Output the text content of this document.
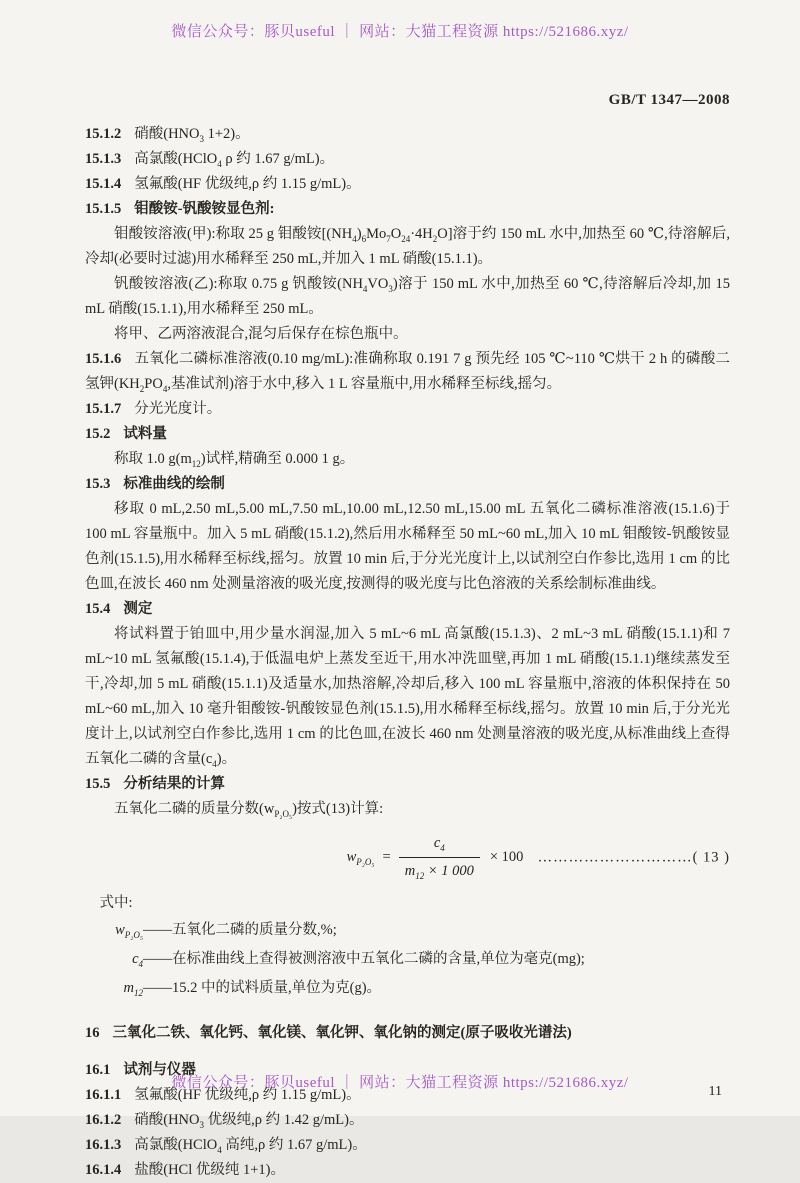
微信公众号：豚贝useful ｜ 网站：大猫工程资源 https://521686.xyz/
GB/T 1347—2008
15.1.2 硝酸($HNO_3$ 1+2)。
15.1.3 高氯酸(HClO$_4$ ρ 约 1.67 g/mL)。
15.1.4 氢氟酸(HF 优级纯,ρ 约 1.15 g/mL)。
15.1.5 钼酸铵-钒酸铵显色剂:
钼酸铵溶液(甲):称取 25 g 钼酸铵$[(NH_4)_6Mo_7O_{24}\cdot 4H_2O]$溶于约 150 mL 水中,加热至 60 ℃,待溶解后,冷却(必要时过滤)用水稀释至 250 mL,并加入 1 mL 硝酸(15.1.1)。
钒酸铵溶液(乙):称取 0.75 g 钒酸铵$(NH_4VO_3)$溶于 150 mL 水中,加热至 60 ℃,待溶解后冷却,加 15 mL 硝酸(15.1.1),用水稀释至 250 mL。
将甲、乙两溶液混合,混匀后保存在棕色瓶中。
15.1.6 五氧化二磷标准溶液(0.10 mg/mL):准确称取 0.191 7 g 预先经 105 ℃~110 ℃烘干 2 h 的磷酸二氢钾($KH_2PO_4$,基准试剂)溶于水中,移入 1 L 容量瓶中,用水稀释至标线,摇匀。
15.1.7 分光光度计。
15.2 试料量
称取 1.0 $g(m_{12})$试样,精确至 0.000 1 g。
15.3 标准曲线的绘制
移取 0 mL,2.50 mL,5.00 mL,7.50 mL,10.00 mL,12.50 mL,15.00 mL 五氧化二磷标准溶液(15.1.6)于 100 mL 容量瓶中。加入 5 mL 硝酸(15.1.2),然后用水稀释至 50 mL~60 mL,加入 10 mL 钼酸铵-钒酸铵显色剂(15.1.5),用水稀释至标线,摇匀。放置 10 min 后,于分光光度计上,以试剂空白作参比,选用 1 cm 的比色皿,在波长 460 nm 处测量溶液的吸光度,按测得的吸光度与比色溶液的关系绘制标准曲线。
15.4 测定
将试料置于铂皿中,用少量水润湿,加入 5 mL~6 mL 高氯酸(15.1.3)、2 mL~3 mL 硝酸(15.1.1)和 7 mL~10 mL 氢氟酸(15.1.4),于低温电炉上蒸发至近干,用水冲洗皿壁,再加 1 mL 硝酸(15.1.1)继续蒸发至干,冷却,加 5 mL 硝酸(15.1.1)及适量水,加热溶解,冷却后,移入 100 mL 容量瓶中,溶液的体积保持在 50 mL~60 mL,加入 10 毫升钼酸铵-钒酸铵显色剂(15.1.5),用水稀释至标线,摇匀。放置 10 min 后,于分光光度计上,以试剂空白作参比,选用 1 cm 的比色皿,在波长 460 nm 处测量溶液的吸光度,从标准曲线上查得五氧化二磷的含量$(c_4)$。
15.5 分析结果的计算
五氧化二磷的质量分数$(w_{P_2O_5})$按式(13)计算:
$w_{P_2O_5} = \frac{c_4}{m_{12} \times 1 000} \times 100$ …………………………( 13 )
式中:
$w_{P_2O_5}——$五氧化二磷的质量分数,%;
$c_4——$在标准曲线上查得被测溶液中五氧化二磷的含量,单位为毫克(mg);
$m_{12}——15.2$ 中的试料质量,单位为克(g)。
16 三氧化二铁、氧化钙、氧化镁、氧化钾、氧化钠的测定(原子吸收光谱法)
16.1 试剂与仪器
16.1.1 氢氟酸(HF 优级纯,ρ 约 1.15 g/mL)。
16.1.2 硝酸($HNO_3$ 优级纯,ρ 约 1.42 g/mL)。
16.1.3 高氯酸(HClO$_4$ 高纯,ρ 约 1.67 g/mL)。
16.1.4 盐酸(HCl 优级纯 1+1)。
微信公众号：豚贝useful ｜ 网站：大猫工程资源 https://521686.xyz/
11
